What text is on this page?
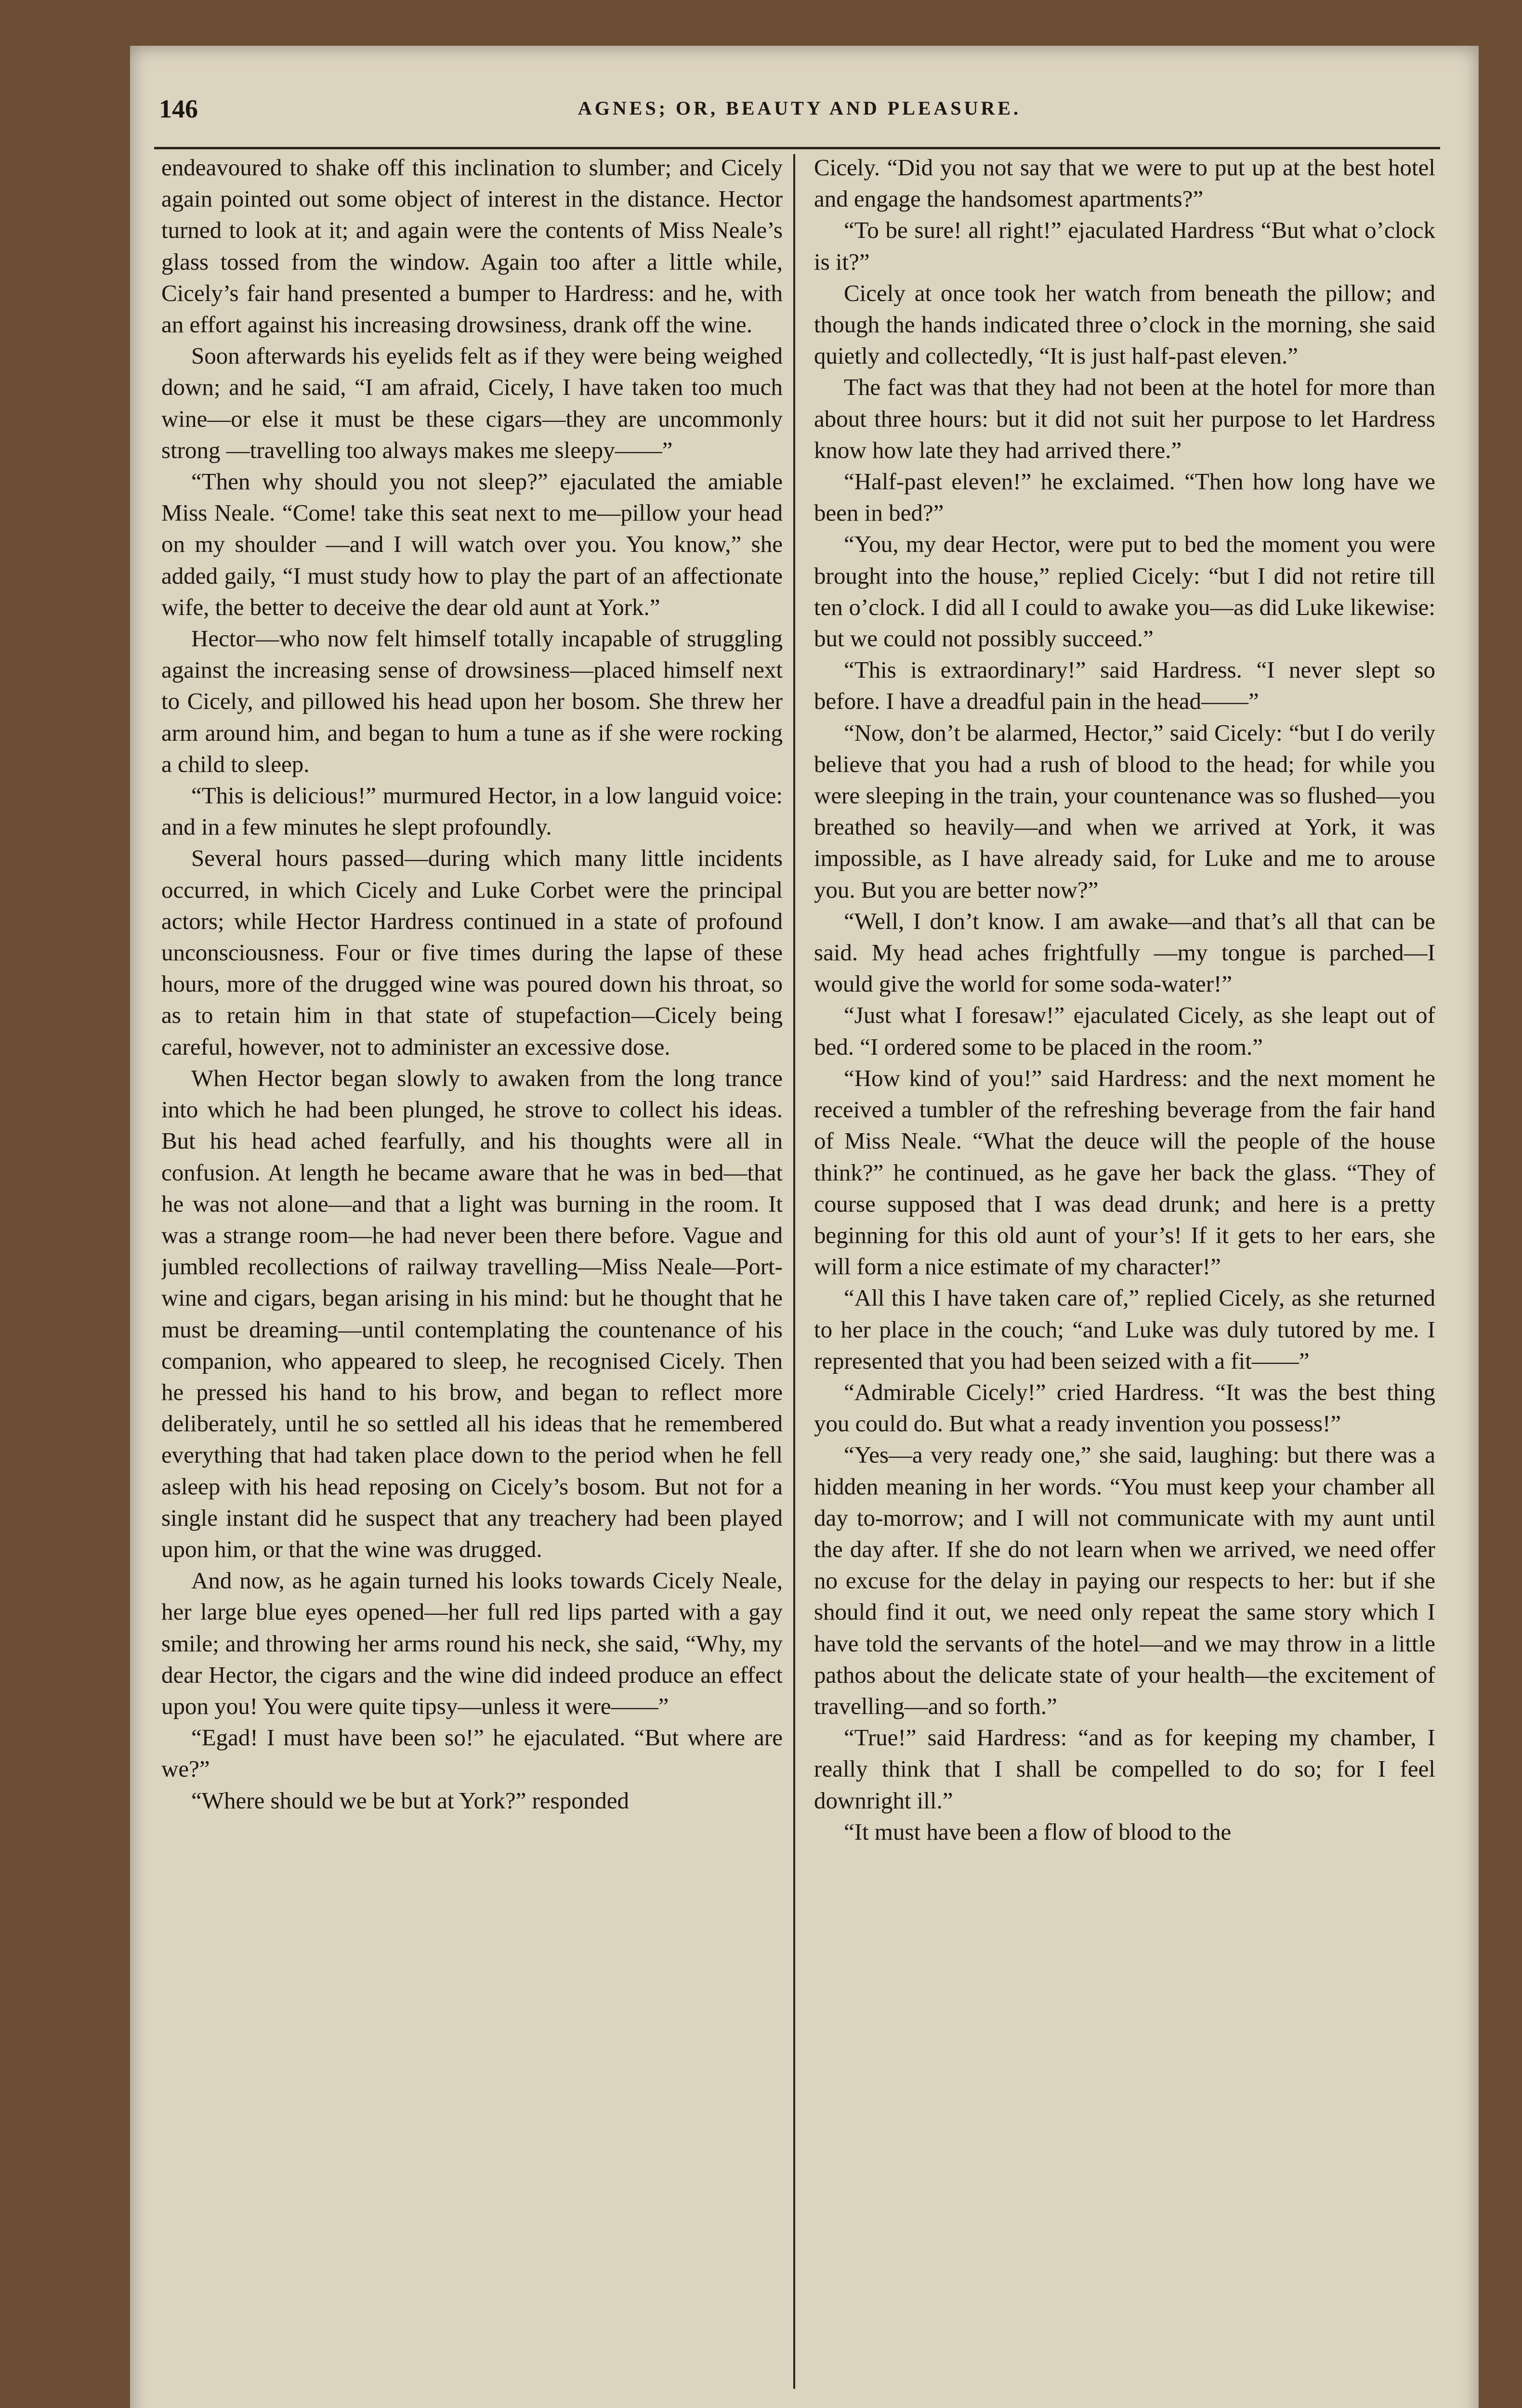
146	AGNES; OR, BEAUTY AND PLEASURE.

endeavoured to shake off this inclination to slumber; and Cicely again pointed out some object of interest in the distance. Hector turned to look at it; and again were the contents of Miss Neale’s glass tossed from the window. Again too after a little while, Cicely’s fair hand presented a bumper to Hardress: and he, with an effort against his increasing drowsiness, drank off the wine.

Soon afterwards his eyelids felt as if they were being weighed down; and he said, “I am afraid, Cicely, I have taken too much wine—or else it must be these cigars—they are uncommonly strong —travelling too always makes me sleepy——”

“Then why should you not sleep?” ejaculated the amiable Miss Neale. “Come! take this seat next to me—pillow your head on my shoulder —and I will watch over you. You know,” she added gaily, “I must study how to play the part of an affectionate wife, the better to deceive the dear old aunt at York.”

Hector—who now felt himself totally incapable of struggling against the increasing sense of drowsiness—placed himself next to Cicely, and pillowed his head upon her bosom. She threw her arm around him, and began to hum a tune as if she were rocking a child to sleep.

“This is delicious!” murmured Hector, in a low languid voice: and in a few minutes he slept profoundly.

Several hours passed—during which many little incidents occurred, in which Cicely and Luke Corbet were the principal actors; while Hector Hardress continued in a state of profound unconsciousness. Four or five times during the lapse of these hours, more of the drugged wine was poured down his throat, so as to retain him in that state of stupefaction—Cicely being careful, however, not to administer an excessive dose.

When Hector began slowly to awaken from the long trance into which he had been plunged, he strove to collect his ideas. But his head ached fearfully, and his thoughts were all in confusion. At length he became aware that he was in bed—that he was not alone—and that a light was burning in the room. It was a strange room—he had never been there before. Vague and jumbled recollections of railway travelling—Miss Neale—Port-wine and cigars, began arising in his mind: but he thought that he must be dreaming—until contemplating the countenance of his companion, who appeared to sleep, he recognised Cicely. Then he pressed his hand to his brow, and began to reflect more deliberately, until he so settled all his ideas that he remembered everything that had taken place down to the period when he fell asleep with his head reposing on Cicely’s bosom. But not for a single instant did he suspect that any treachery had been played upon him, or that the wine was drugged.

And now, as he again turned his looks towards Cicely Neale, her large blue eyes opened—her full red lips parted with a gay smile; and throwing her arms round his neck, she said, “Why, my dear Hector, the cigars and the wine did indeed produce an effect upon you! You were quite tipsy—unless it were——”

“Egad! I must have been so!” he ejaculated. “But where are we?”

“Where should we be but at York?” responded

Cicely. “Did you not say that we were to put up at the best hotel and engage the handsomest apartments?”

“To be sure! all right!” ejaculated Hardress “But what o’clock is it?”

Cicely at once took her watch from beneath the pillow; and though the hands indicated three o’clock in the morning, she said quietly and collectedly, “It is just half-past eleven.”

The fact was that they had not been at the hotel for more than about three hours: but it did not suit her purpose to let Hardress know how late they had arrived there.”

“Half-past eleven!” he exclaimed. “Then how long have we been in bed?”

“You, my dear Hector, were put to bed the moment you were brought into the house,” replied Cicely: “but I did not retire till ten o’clock. I did all I could to awake you—as did Luke likewise: but we could not possibly succeed.”

“This is extraordinary!” said Hardress. “I never slept so before. I have a dreadful pain in the head——”

“Now, don’t be alarmed, Hector,” said Cicely: “but I do verily believe that you had a rush of blood to the head; for while you were sleeping in the train, your countenance was so flushed—you breathed so heavily—and when we arrived at York, it was impossible, as I have already said, for Luke and me to arouse you. But you are better now?”

“Well, I don’t know. I am awake—and that’s all that can be said. My head aches frightfully —my tongue is parched—I would give the world for some soda-water!”

“Just what I foresaw!” ejaculated Cicely, as she leapt out of bed. “I ordered some to be placed in the room.”

“How kind of you!” said Hardress: and the next moment he received a tumbler of the refreshing beverage from the fair hand of Miss Neale. “What the deuce will the people of the house think?” he continued, as he gave her back the glass. “They of course supposed that I was dead drunk; and here is a pretty beginning for this old aunt of your’s! If it gets to her ears, she will form a nice estimate of my character!”

“All this I have taken care of,” replied Cicely, as she returned to her place in the couch; “and Luke was duly tutored by me. I represented that you had been seized with a fit——”

“Admirable Cicely!” cried Hardress. “It was the best thing you could do. But what a ready invention you possess!”

“Yes—a very ready one,” she said, laughing: but there was a hidden meaning in her words. “You must keep your chamber all day to-morrow; and I will not communicate with my aunt until the day after. If she do not learn when we arrived, we need offer no excuse for the delay in paying our respects to her: but if she should find it out, we need only repeat the same story which I have told the servants of the hotel—and we may throw in a little pathos about the delicate state of your health—the excitement of travelling—and so forth.”

“True!” said Hardress: “and as for keeping my chamber, I really think that I shall be compelled to do so; for I feel downright ill.”

“It must have been a flow of blood to the
